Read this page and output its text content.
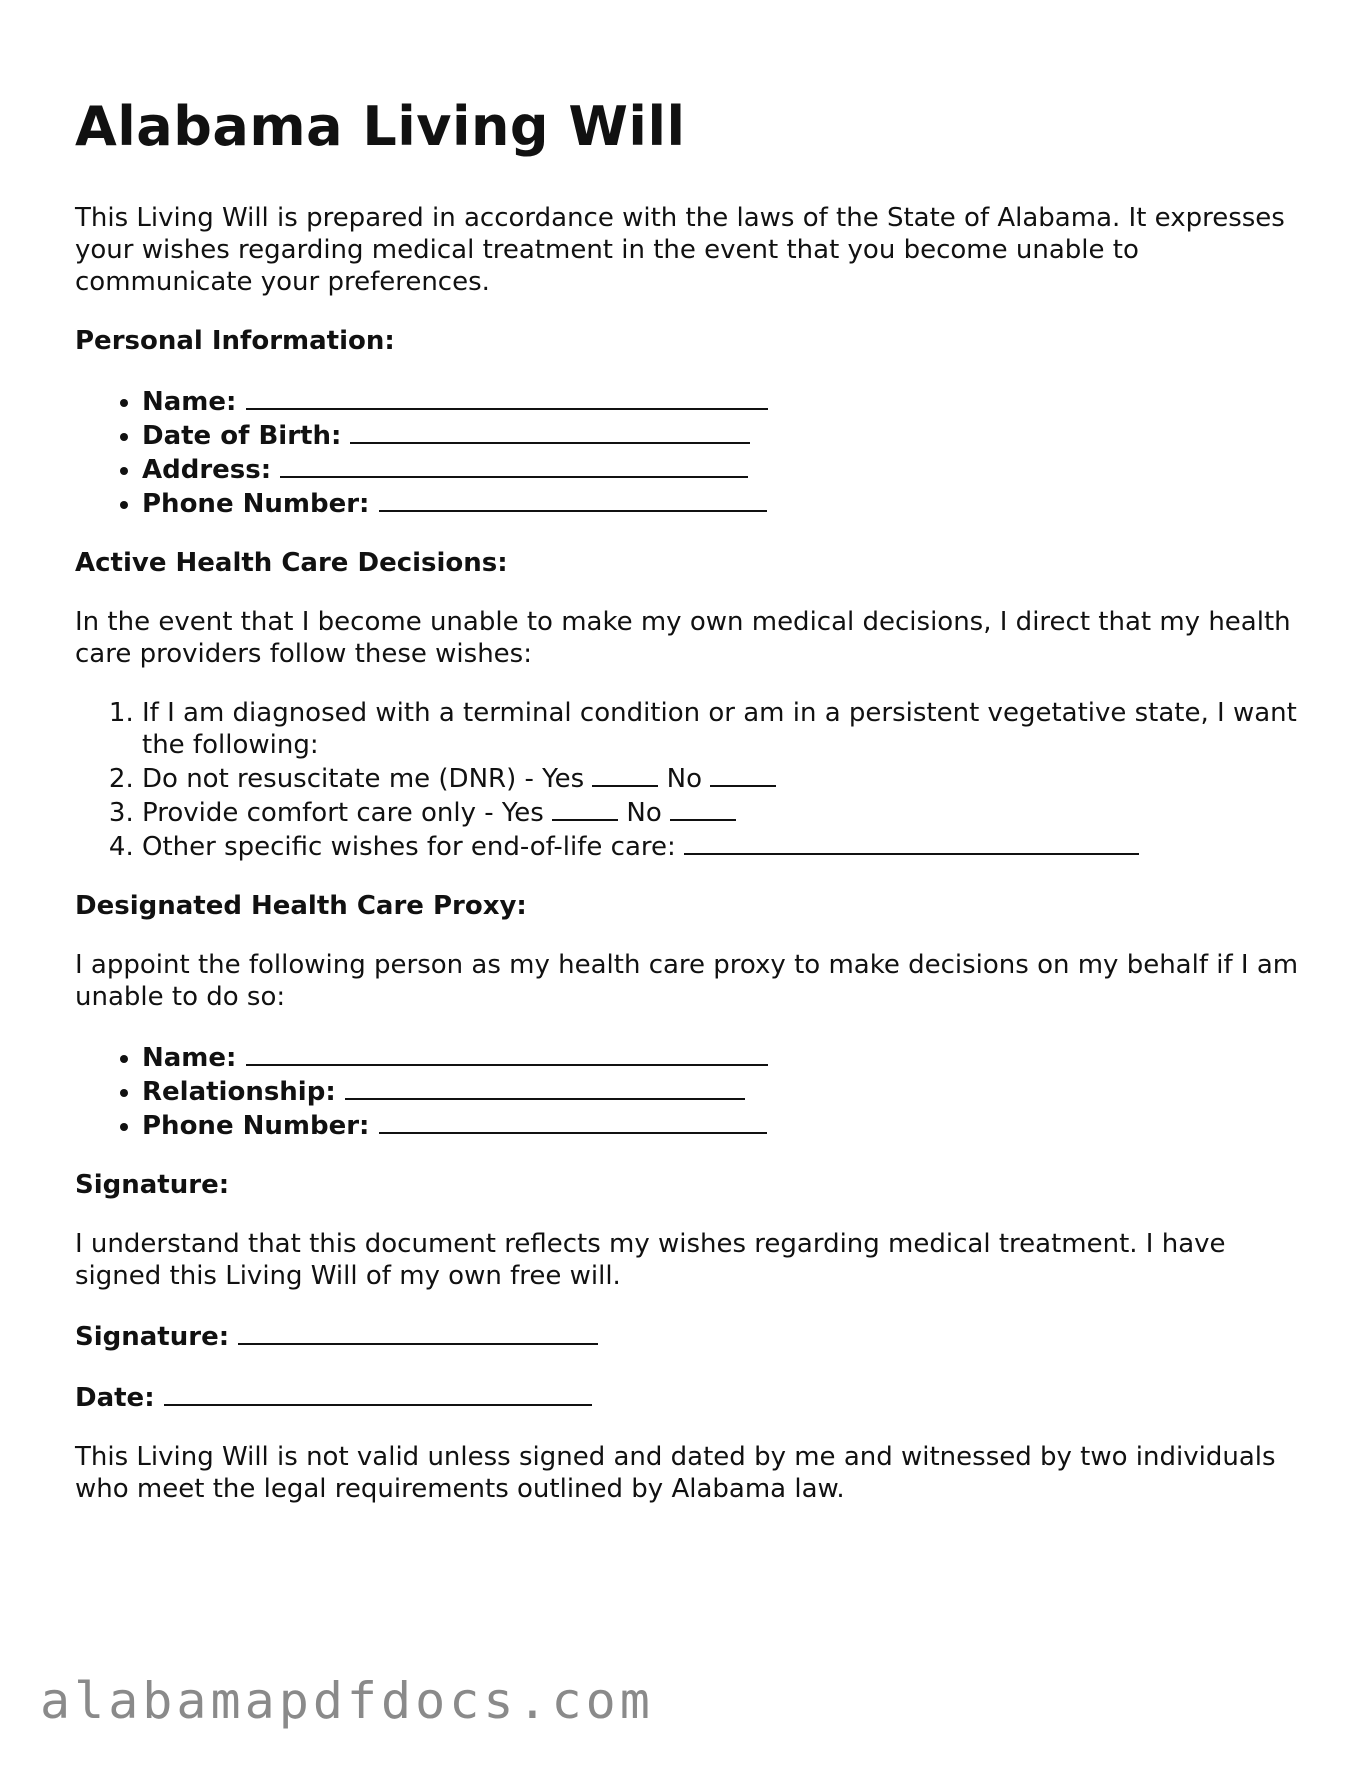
Alabama Living Will

This Living Will is prepared in accordance with the laws of the State of Alabama. It expresses your wishes regarding medical treatment in the event that you become unable to communicate your preferences.

Personal Information:
• Name:
• Date of Birth:
• Address:
• Phone Number:
Active Health Care Decisions:

In the event that I become unable to make my own medical decisions, I direct that my health care providers follow these wishes:

1. If I am diagnosed with a terminal condition or am in a persistent vegetative state, I want the following:
2. Do not resuscitate me (DNR) - Yes	No
3. Provide comfort care only - Yes	No
4. Other specific wishes for end-of-life care:
Designated Health Care Proxy:

I appoint the following person as my health care proxy to make decisions on my behalf if I am unable to do so:

• Name:
• Relationship:
• Phone Number:
Signature:

I understand that this document reflects my wishes regarding medical treatment. I have signed this Living Will of my own free will.

Signature:
Date:

This Living Will is not valid unless signed and dated by me and witnessed by two individuals who meet the legal requirements outlined by Alabama law.

alabamapdfdocs.com
